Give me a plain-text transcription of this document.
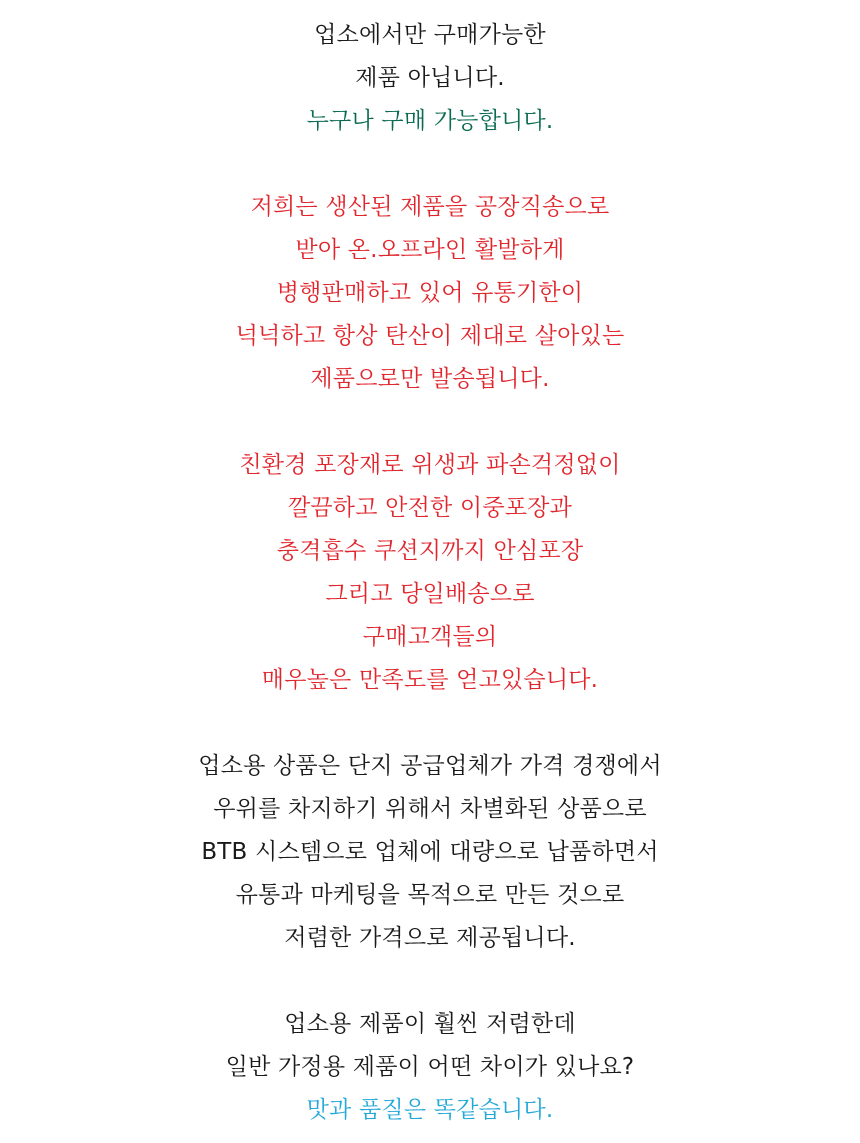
업소에서만 구매가능한
제품 아닙니다.
누구나 구매 가능합니다.
저희는 생산된 제품을 공장직송으로
받아 온.오프라인 활발하게
병행판매하고 있어 유통기한이
넉넉하고 항상 탄산이 제대로 살아있는
제품으로만 발송됩니다.
친환경 포장재로 위생과 파손걱정없이
깔끔하고 안전한 이중포장과
충격흡수 쿠션지까지 안심포장
그리고 당일배송으로
구매고객들의
매우높은 만족도를 얻고있습니다.
업소용 상품은 단지 공급업체가 가격 경쟁에서
우위를 차지하기 위해서 차별화된 상품으로
BTB 시스템으로 업체에 대량으로 납품하면서
유통과 마케팅을 목적으로 만든 것으로
저렴한 가격으로 제공됩니다.
업소용 제품이 훨씬 저렴한데
일반 가정용 제품이 어떤 차이가 있나요?
맛과 품질은 똑같습니다.
